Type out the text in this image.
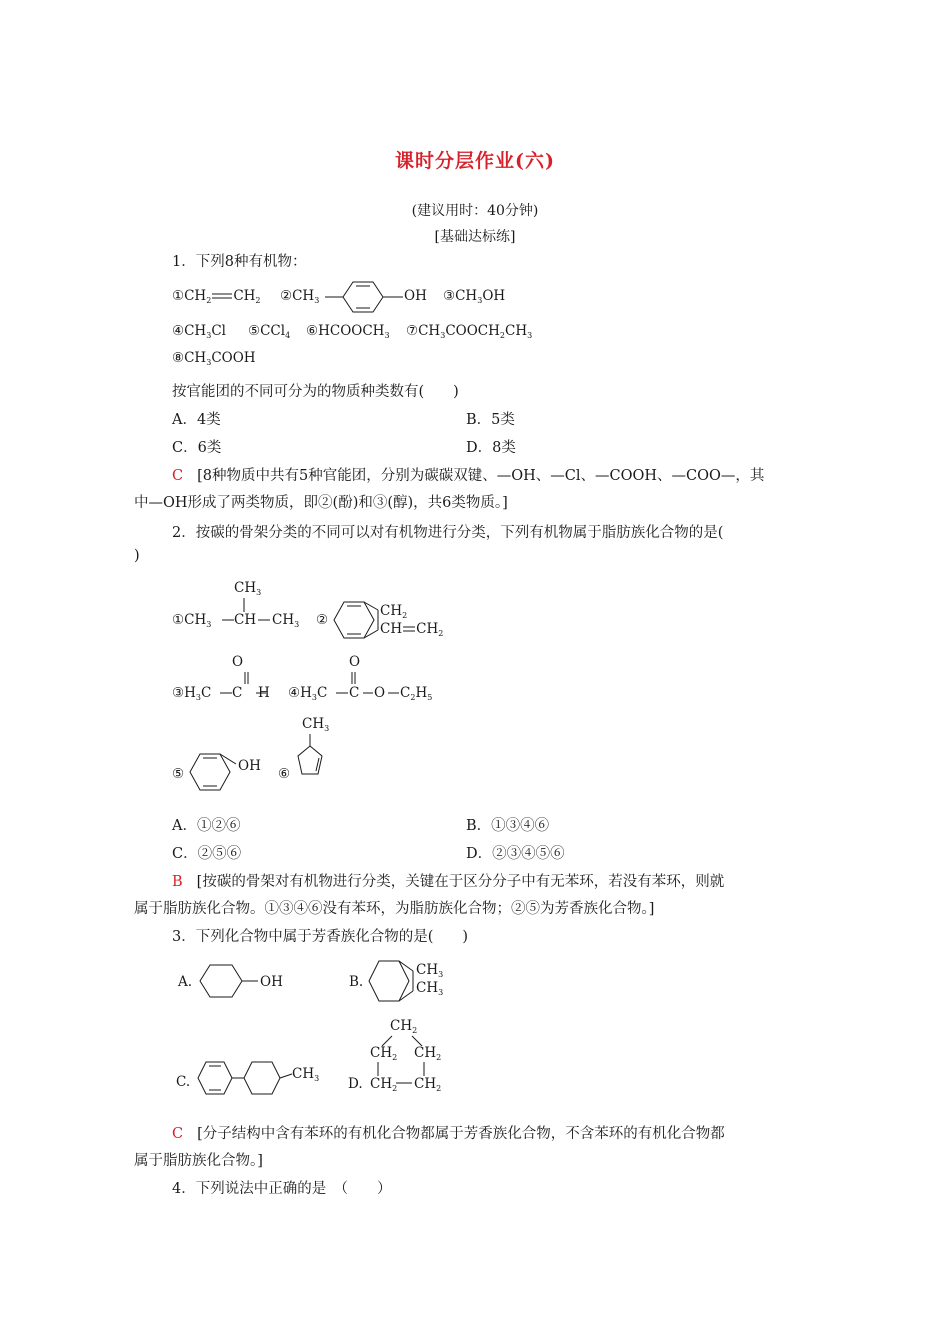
课时分层作业(六)
(建议用时：40分钟)
[基础达标练]
1．下列8种有机物：
$①CH_2$ $CH_2$ $②CH_3$	OH $③CH_3OH$
$④CH_3Cl$ ⑤CCl$_4$ $⑥HCOOCH_3$ $⑦CH_3COOCH_2CH_3$
$⑧CH_3COOH$
按官能团的不同可分为的物质种类数有(　　)
A．4类	B．5类
C．6类	D．8类
C [8种物质中共有5种官能团，分别为碳碳双键、—OH、—Cl、—COOH、—COO—，其
中—OH形成了两类物质，即②(酚)和③(醇)，共6类物质。]
2．按碳的骨架分类的不同可以对有机物进行分类，下列有机物属于脂肪族化合物的是(
)
$①CH_3$
$CH_3$
CH $CH_3$ ②
$CH_2$
CH $CH_2$
$③H_3C$
O
C H $④H_3C$
O
C O $C_2H_5$
⑤	OH ⑥
$CH_3$
A．①②⑥	B．①③④⑥
C．②⑤⑥	D．②③④⑤⑥
B [按碳的骨架对有机物进行分类，关键在于区分分子中有无苯环，若没有苯环，则就
属于脂肪族化合物。①③④⑥没有苯环，为脂肪族化合物；②⑤为芳香族化合物。]
3．下列化合物中属于芳香族化合物的是(　　)
A.	OH	B.
$CH_3$
$CH_3$
C.	$CH_3$
$CH_2$
$CH_2$ $CH_2$
D. $CH_2$ $CH_2$
C [分子结构中含有苯环的有机化合物都属于芳香族化合物，不含苯环的有机化合物都
属于脂肪族化合物。]
4．下列说法中正确的是　（　　）
